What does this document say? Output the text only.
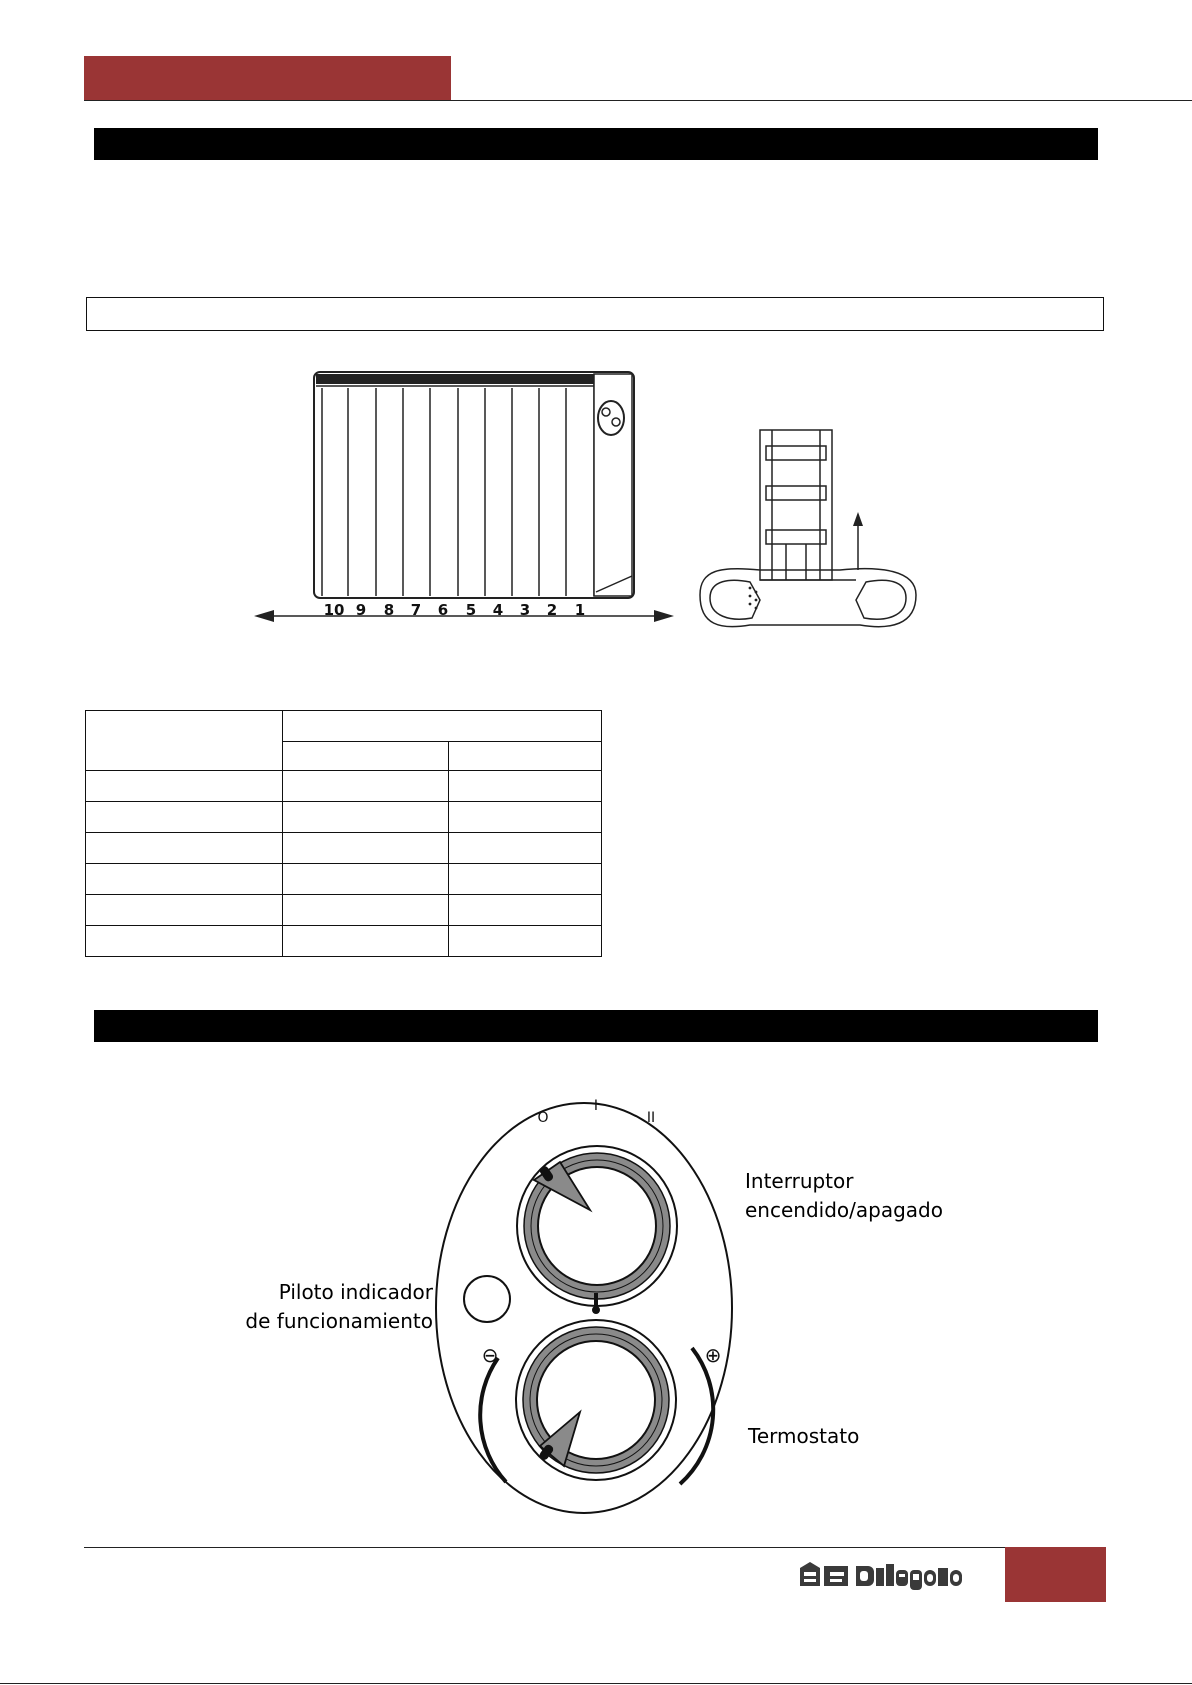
10 9 8 7 6 5 4 3 2 1

O
I
II
⊖	⊕
Interruptor
encendido/apagado
Piloto indicador
de funcionamiento
Termostato
